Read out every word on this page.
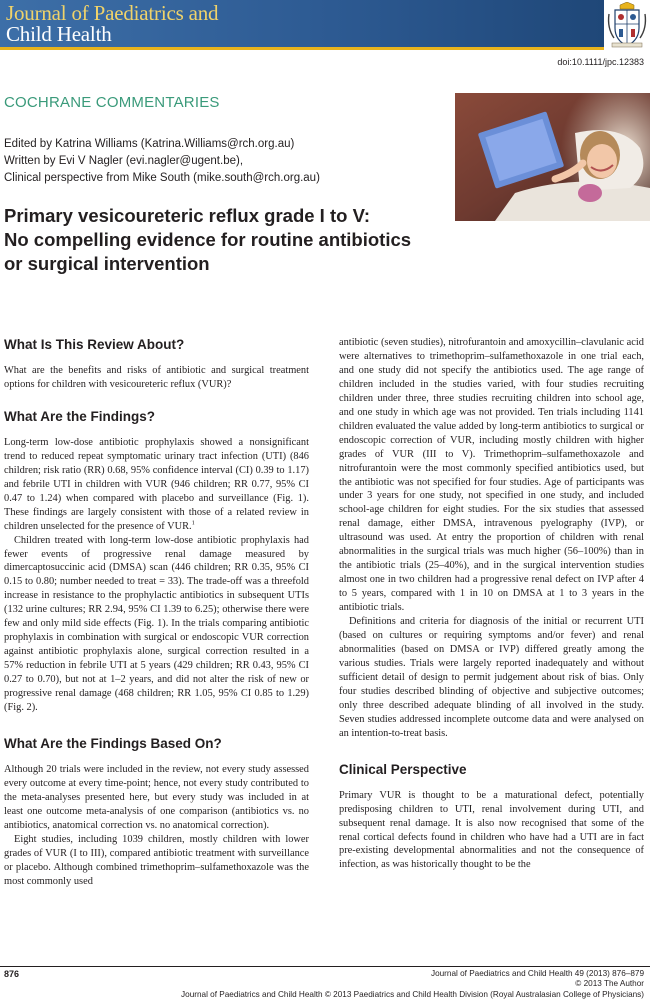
Journal of Paediatrics and
Child Health
doi:10.1111/jpc.12383
COCHRANE COMMENTARIES
Edited by Katrina Williams (Katrina.Williams@rch.org.au)
Written by Evi V Nagler (evi.nagler@ugent.be),
Clinical perspective from Mike South (mike.south@rch.org.au)
Primary vesicoureteric reflux grade I to V:
No compelling evidence for routine antibiotics
or surgical intervention
What Is This Review About?

What are the benefits and risks of antibiotic and surgical treatment options for children with vesicoureteric reflux (VUR)?

What Are the Findings?

Long-term low-dose antibiotic prophylaxis showed a nonsignificant trend to reduced repeat symptomatic urinary tract infection (UTI) (846 children; risk ratio (RR) 0.68, 95% confidence interval (CI) 0.39 to 1.17) and febrile UTI in children with VUR (946 children; RR 0.77, 95% CI 0.47 to 1.24) when compared with placebo and surveillance (Fig. 1). These findings are largely consistent with those of a related review in children unselected for the presence of VUR.$^1$

Children treated with long-term low-dose antibiotic prophylaxis had fewer events of progressive renal damage measured by dimercaptosuccinic acid (DMSA) scan (446 children; RR 0.35, 95% CI 0.15 to 0.80; number needed to treat = 33). The trade-off was a threefold increase in resistance to the prophylactic antibiotics in subsequent UTIs (132 urine cultures; RR 2.94, 95% CI 1.39 to 6.25); otherwise there were few and only mild side effects (Fig. 1). In the trials comparing antibiotic prophylaxis in combination with surgical or endoscopic VUR correction against antibiotic prophylaxis alone, surgical correction resulted in a 57% reduction in febrile UTI at 5 years (429 children; RR 0.43, 95% CI 0.27 to 0.70), but not at 1–2 years, and did not alter the risk of new or progressive renal damage (468 children; RR 1.05, 95% CI 0.85 to 1.29) (Fig. 2).

What Are the Findings Based On?

Although 20 trials were included in the review, not every study assessed every outcome at every time-point; hence, not every study contributed to the meta-analyses presented here, but every study was included in at least one outcome meta-analysis of one comparison (antibiotics vs. no antibiotics, anatomical correction vs. no anatomical correction).

Eight studies, including 1039 children, mostly children with lower grades of VUR (I to III), compared antibiotic treatment with surveillance or placebo. Although combined trimethoprim–sulfamethoxazole was the most commonly used

antibiotic (seven studies), nitrofurantoin and amoxycillin–clavulanic acid were alternatives to trimethoprim–sulfamethoxazole in one trial each, and one study did not specify the antibiotics used. The age range of children included in the studies varied, with four studies recruiting children under three, three studies recruiting children into school age, and one study in which age was not provided. Ten trials including 1141 children evaluated the value added by long-term antibiotics to surgical or endoscopic correction of VUR, including mostly children with higher grades of VUR (III to V). Trimethoprim–sulfamethoxazole and nitrofurantoin were the most commonly specified antibiotics used, but the antibiotic was not specified for four studies. Age of participants was under 3 years for one study, not specified in one study, and included school-age children for eight studies. For the six studies that assessed renal damage, either DMSA, intravenous pyelography (IVP), or ultrasound was used. At entry the proportion of children with renal abnormalities in the surgical trials was much higher (56–100%) than in the antibiotic trials (25–40%), and in the surgical intervention studies almost one in two children had a progressive renal defect on IVP after 4 to 5 years, compared with 1 in 10 on DMSA at 1 to 3 years in the antibiotic trials.

Definitions and criteria for diagnosis of the initial or recurrent UTI (based on cultures or requiring symptoms and/or fever) and renal abnormalities (based on DMSA or IVP) differed greatly among the various studies. Trials were largely reported inadequately and without sufficient detail of design to permit judgement about risk of bias. Only four studies described blinding of objective and subjective outcomes; only three described adequate blinding of all involved in the study. Seven studies addressed incomplete outcome data and were analysed on an intention-to-treat basis.

Clinical Perspective

Primary VUR is thought to be a maturational defect, potentially predisposing children to UTI, renal involvement during UTI, and subsequent renal damage. It is also now recognised that some of the renal cortical defects found in children who have had a UTI are in fact pre-existing developmental abnormalities and not the consequence of infection, as was historically thought to be the

876	Journal of Paediatrics and Child Health 49 (2013) 876–879
© 2013 The Author
Journal of Paediatrics and Child Health © 2013 Paediatrics and Child Health Division (Royal Australasian College of Physicians)
